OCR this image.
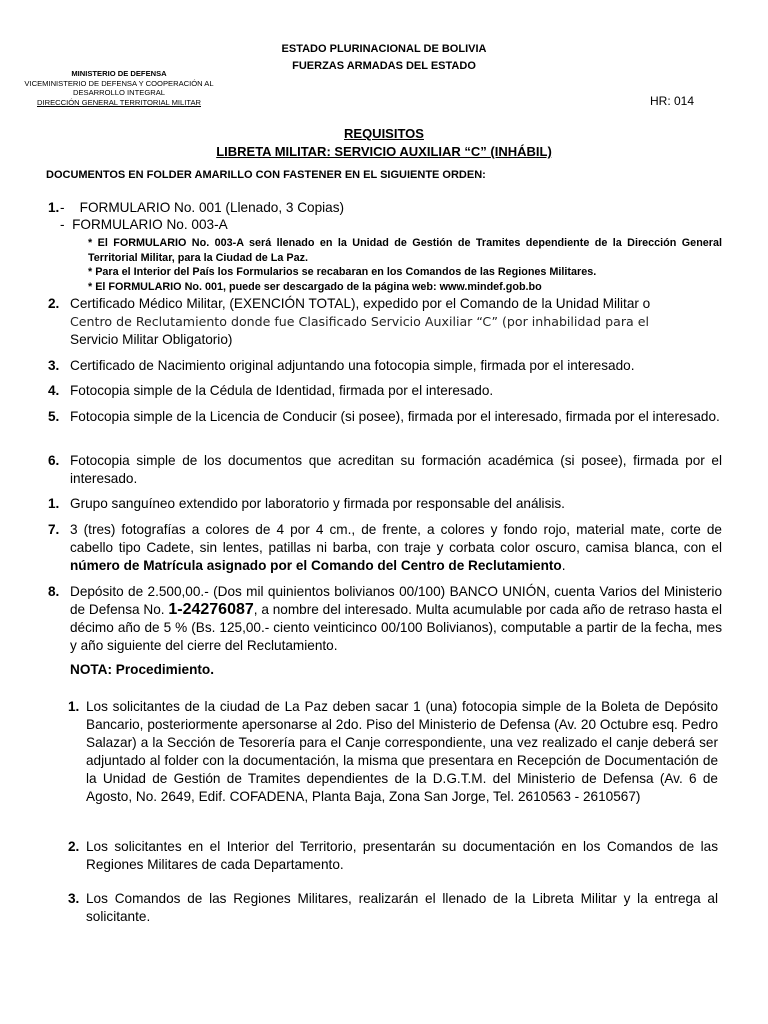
ESTADO PLURINACIONAL DE BOLIVIA
FUERZAS ARMADAS DEL ESTADO
MINISTERIO DE DEFENSA
VICEMINISTERIO DE DEFENSA Y COOPERACIÓN AL
DESARROLLO INTEGRAL
DIRECCIÓN GENERAL TERRITORIAL MILITAR	HR: 014
REQUISITOS
LIBRETA MILITAR: SERVICIO AUXILIAR “C” (INHÁBIL)
DOCUMENTOS EN FOLDER AMARILLO CON FASTENER EN EL SIGUIENTE ORDEN:
1. -    FORMULARIO No. 001 (Llenado, 3 Copias)
-  FORMULARIO No. 003-A
* El FORMULARIO No. 003-A será llenado en la Unidad de Gestión de Tramites dependiente de la Dirección General Territorial Militar, para la Ciudad de La Paz.
* Para el Interior del País los Formularios se recabaran en los Comandos de las Regiones Militares.
* El FORMULARIO No. 001, puede ser descargado de la página web: www.mindef.gob.bo
2. Certificado Médico Militar, (EXENCIÓN TOTAL), expedido por el Comando de la Unidad Militar o
Centro de Reclutamiento donde fue Clasificado Servicio Auxiliar “C” (por inhabilidad para el
Servicio Militar Obligatorio)
3. Certificado de Nacimiento original adjuntando una fotocopia simple, firmada por el interesado.
4. Fotocopia simple de la Cédula de Identidad, firmada por el interesado.
5. Fotocopia simple de la Licencia de Conducir (si posee), firmada por el interesado, firmada por el interesado.
6. Fotocopia simple de los documentos que acreditan su formación académica (si posee), firmada por el interesado.
1. Grupo sanguíneo extendido por laboratorio y firmada por responsable del análisis.
7. 3 (tres) fotografías a colores de 4 por 4 cm., de frente, a colores y fondo rojo, material mate, corte de cabello tipo Cadete, sin lentes, patillas ni barba, con traje y corbata color oscuro, camisa blanca, con el número de Matrícula asignado por el Comando del Centro de Reclutamiento.
8. Depósito de 2.500,00.- (Dos mil quinientos bolivianos 00/100) BANCO UNIÓN, cuenta Varios del Ministerio de Defensa No. 1-24276087, a nombre del interesado. Multa acumulable por cada año de retraso hasta el décimo año de 5 % (Bs. 125,00.- ciento veinticinco 00/100 Bolivianos), computable a partir de la fecha, mes y año siguiente del cierre del Reclutamiento.
NOTA: Procedimiento.
1. Los solicitantes de la ciudad de La Paz deben sacar 1 (una) fotocopia simple de la Boleta de Depósito Bancario, posteriormente apersonarse al 2do. Piso del Ministerio de Defensa (Av. 20 Octubre esq. Pedro Salazar) a la Sección de Tesorería para el Canje correspondiente, una vez realizado el canje deberá ser adjuntado al folder con la documentación, la misma que presentara en Recepción de Documentación de la Unidad de Gestión de Tramites dependientes de la D.G.T.M. del Ministerio de Defensa (Av. 6 de Agosto, No. 2649, Edif. COFADENA, Planta Baja, Zona San Jorge, Tel. 2610563 - 2610567)
2. Los solicitantes en el Interior del Territorio, presentarán su documentación en los Comandos de las Regiones Militares de cada Departamento.
3. Los Comandos de las Regiones Militares, realizarán el llenado de la Libreta Militar y la entrega al solicitante.
